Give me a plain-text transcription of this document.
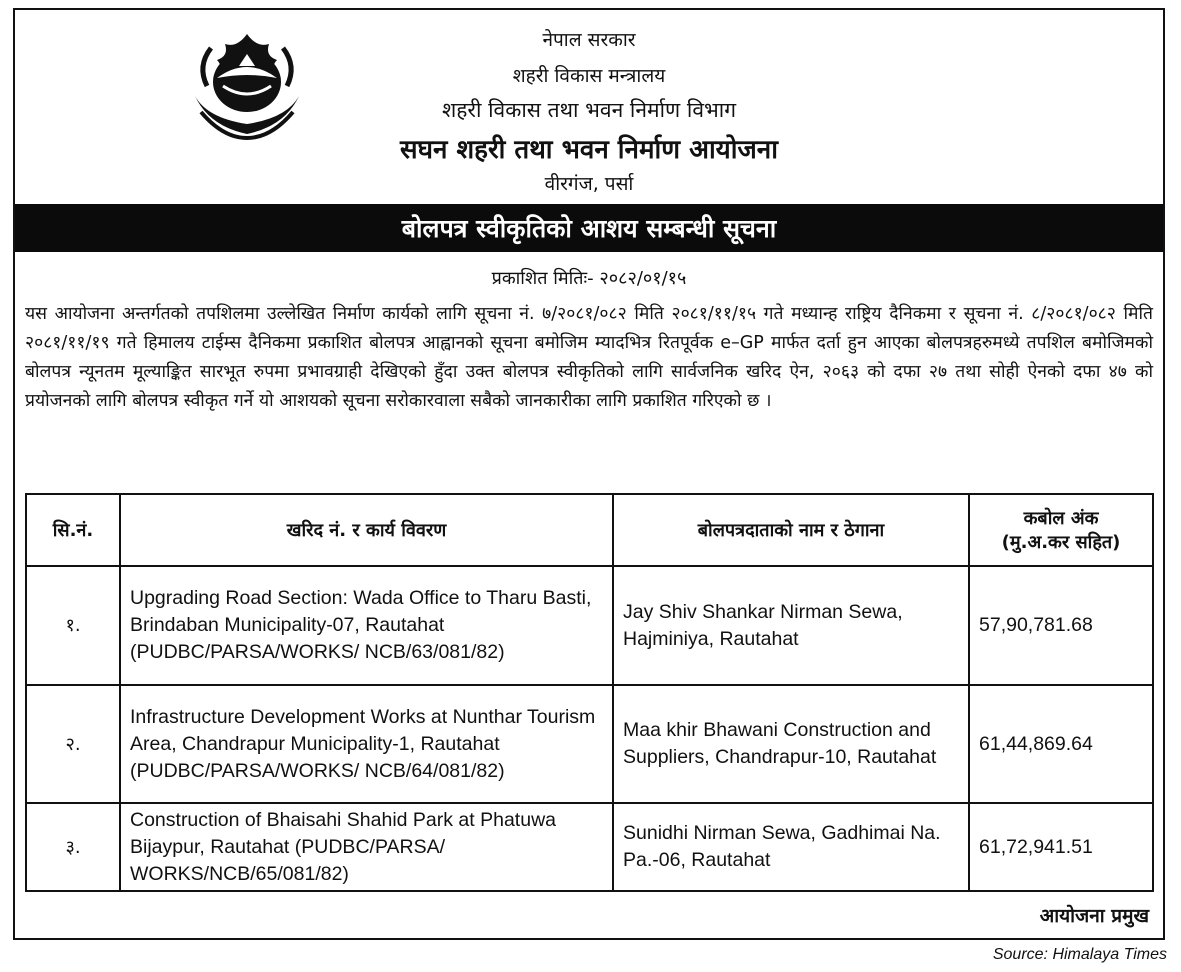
नेपाल सरकार
शहरी विकास मन्त्रालय
शहरी विकास तथा भवन निर्माण विभाग
सघन शहरी तथा भवन निर्माण आयोजना
वीरगंज, पर्सा
बोलपत्र स्वीकृतिको आशय सम्बन्धी सूचना
प्रकाशित मितिः- २०८२/०१/१५
यस आयोजना अन्तर्गतको तपशिलमा उल्लेखित निर्माण कार्यको लागि सूचना नं. ७/२०८१/०८२ मिति २०८१/११/१५ गते मध्यान्ह राष्ट्रिय दैनिकमा र सूचना नं. ८/२०८१/०८२ मिति २०८१/११/१९ गते हिमालय टाईम्स दैनिकमा प्रकाशित बोलपत्र आह्वानको सूचना बमोजिम म्यादभित्र रितपूर्वक e–GP मार्फत दर्ता हुन आएका बोलपत्रहरुमध्ये तपशिल बमोजिमको बोलपत्र न्यूनतम मूल्याङ्कित सारभूत रुपमा प्रभावग्राही देखिएकाे हुँदा उक्त बोलपत्र स्वीकृतिको लागि सार्वजनिक खरिद ऐन, २०६३ को दफा २७ तथा सोही ऐनको दफा ४७ को प्रयोजनको लागि बोलपत्र स्वीकृत गर्ने यो आशयको सूचना सरोकारवाला सबैको जानकारीका लागि प्रकाशित गरिएको छ ।
सि.नं.	खरिद नं. र कार्य विवरण	बोलपत्रदाताको नाम र ठेगाना	कबोल अंक
(मु.अ.कर सहित)

१.	Upgrading Road Section: Wada Office to Tharu Basti, Brindaban Municipality-07, Rautahat (PUDBC/PARSA/WORKS/ NCB/63/081/82)	Jay Shiv Shankar Nirman Sewa, Hajminiya, Rautahat	57,90,781.68
२.	Infrastructure Development Works at Nunthar Tourism Area, Chandrapur Municipality-1, Rautahat (PUDBC/PARSA/WORKS/ NCB/64/081/82)	Maa khir Bhawani Construction and Suppliers, Chandrapur-10, Rautahat	61,44,869.64
३.	Construction of Bhaisahi Shahid Park at Phatuwa Bijaypur, Rautahat (PUDBC/PARSA/ WORKS/NCB/65/081/82)	Sunidhi Nirman Sewa, Gadhimai Na. Pa.-06, Rautahat	61,72,941.51
आयोजना प्रमुख
Source: Himalaya Times
